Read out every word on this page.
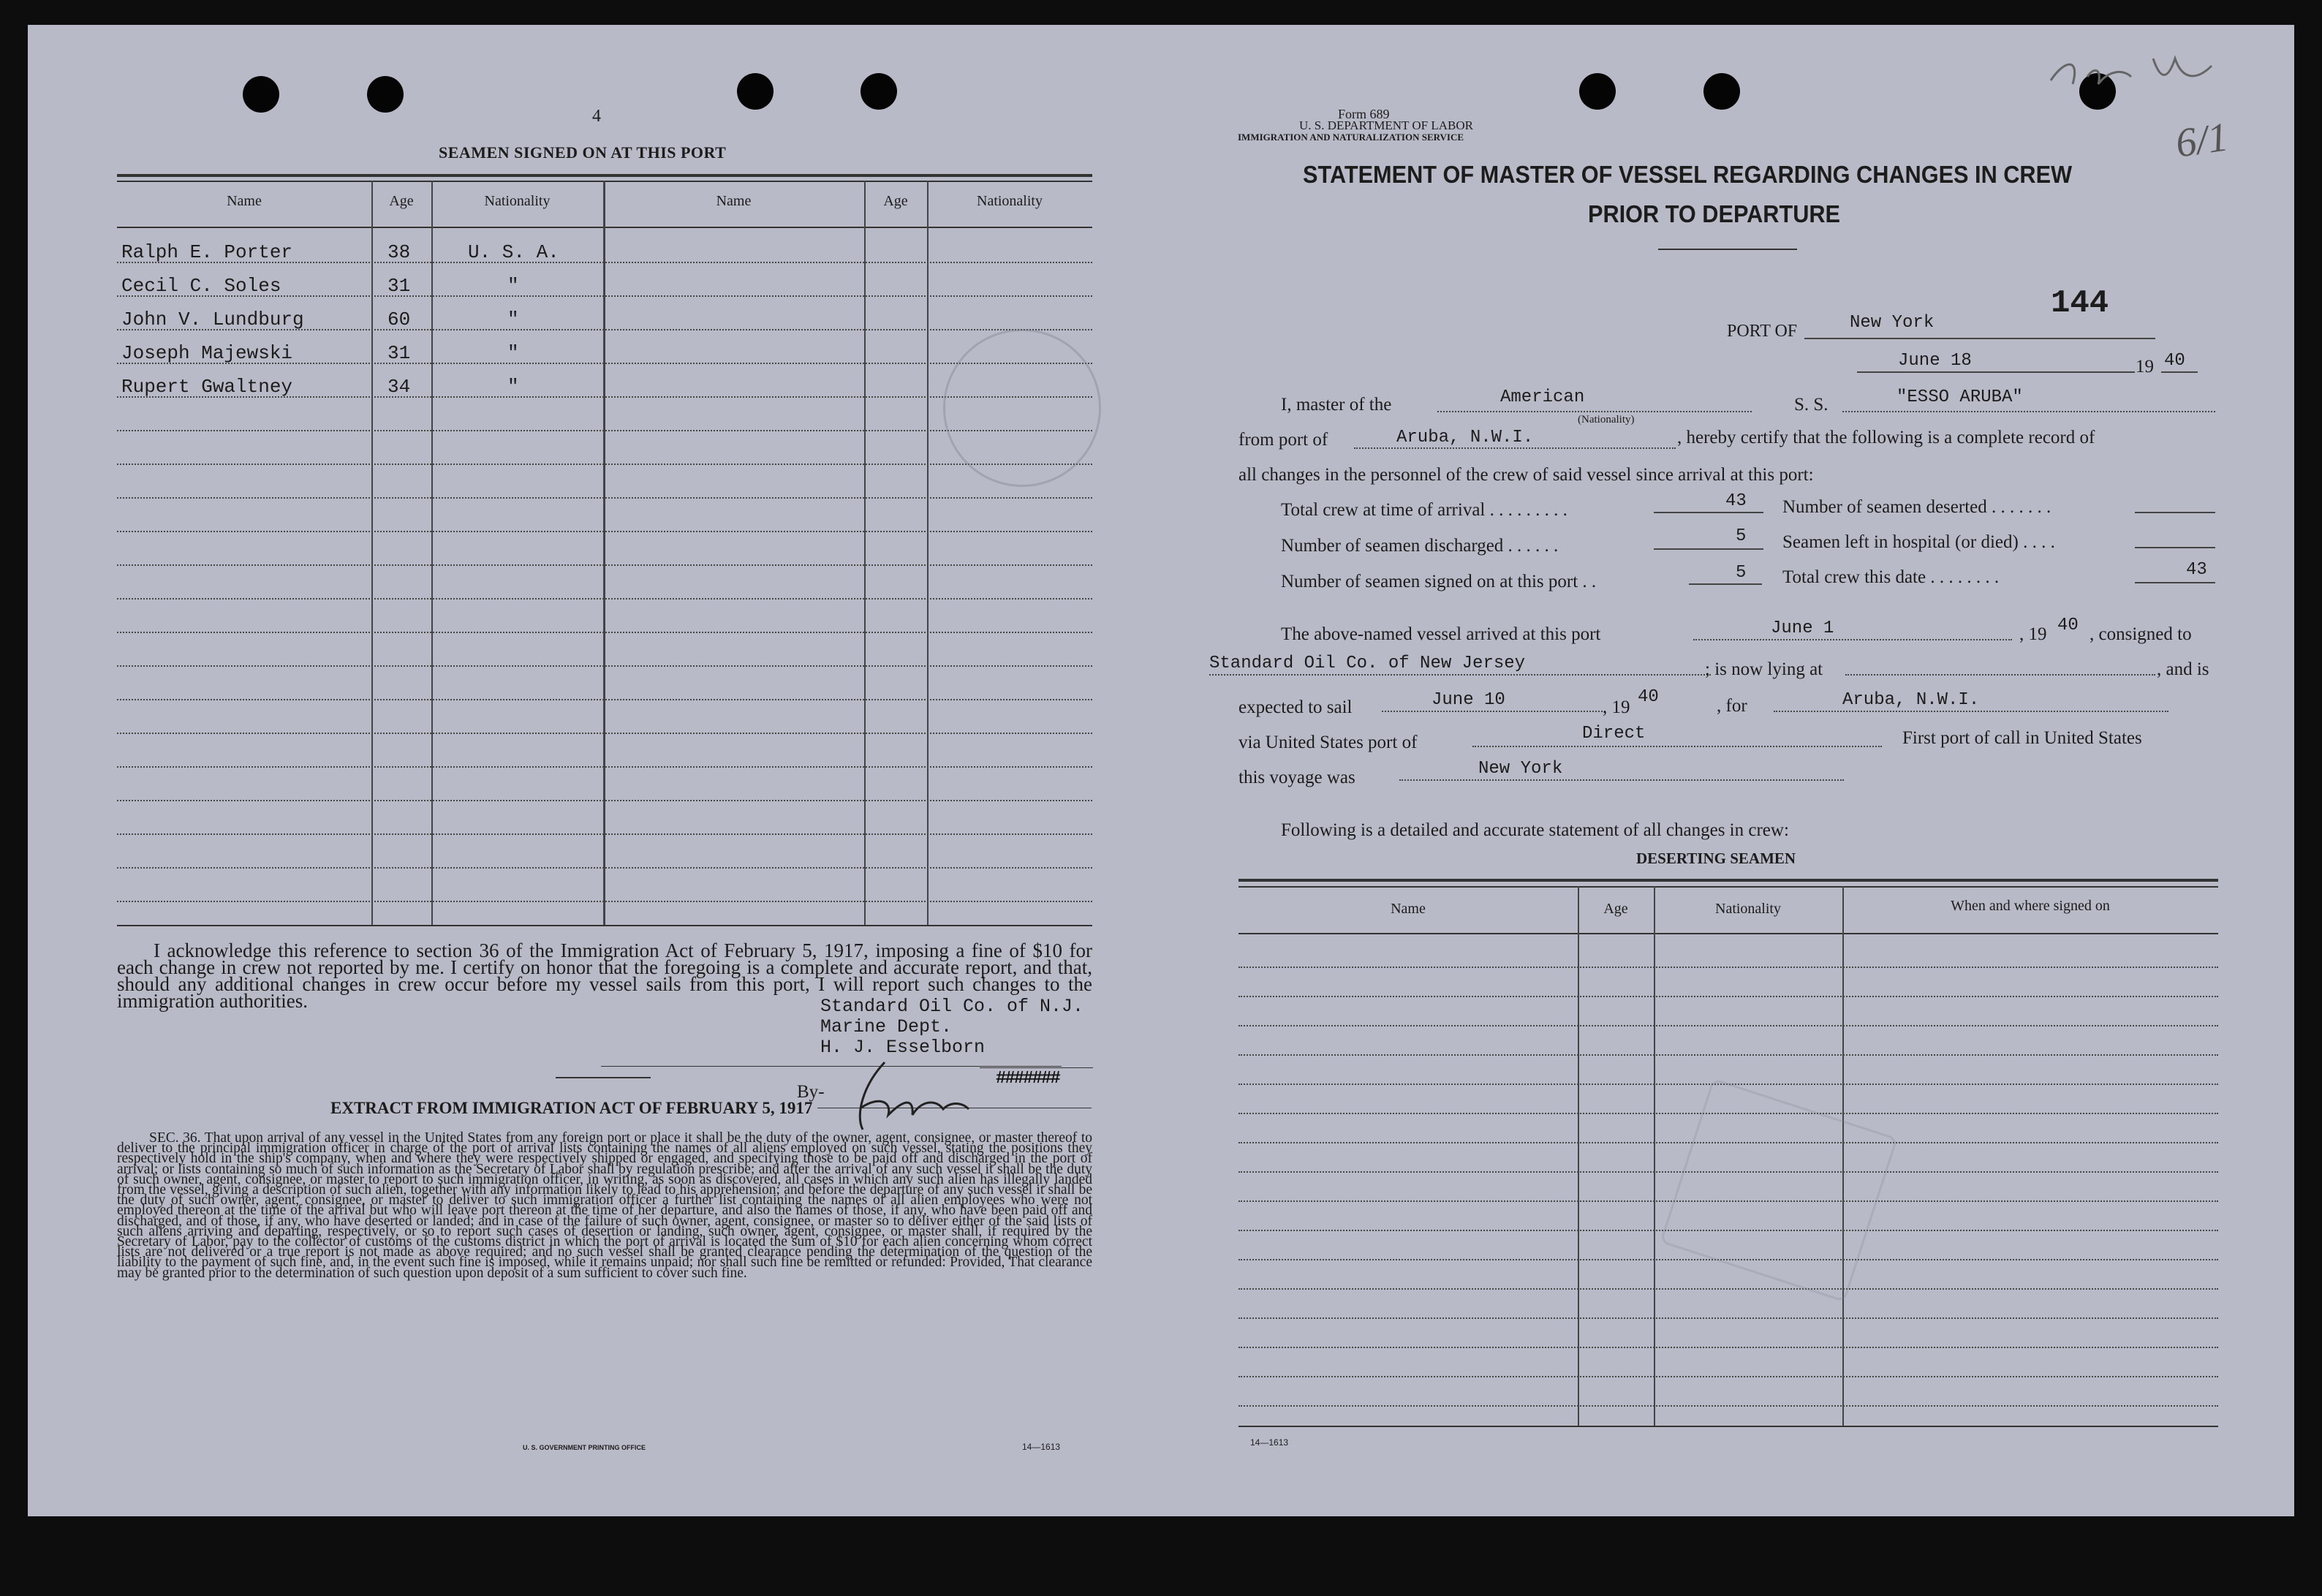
4
SEAMEN SIGNED ON AT THIS PORT
Name	Age	Nationality	Name	Age	Nationality
Ralph E. Porter	38	U. S. A.
Cecil C. Soles	31	"
John V. Lundburg	60	"
Joseph Majewski	31	"
Rupert Gwaltney	34	"
I acknowledge this reference to section 36 of the Immigration Act of February 5, 1917, imposing a fine of $10 for each change in crew not reported by me. I certify on honor that the foregoing is a complete and accurate report, and that, should any additional changes in crew occur before my vessel sails from this port, I will report such changes to the immigration authorities.	Standard Oil Co. of N.J.
Marine Dept.
H. J. Esselborn
By-
#######
EXTRACT FROM IMMIGRATION ACT OF FEBRUARY 5, 1917
SEC. 36. That upon arrival of any vessel in the United States from any foreign port or place it shall be the duty of the owner, agent, consignee, or master thereof to deliver to the principal immigration officer in charge of the port of arrival lists containing the names of all aliens employed on such vessel, stating the positions they respectively hold in the ship's company, when and where they were respectively shipped or engaged, and specifying those to be paid off and discharged in the port of arrival; or lists containing so much of such information as the Secretary of Labor shall by regulation prescribe; and after the arrival of any such vessel it shall be the duty of such owner, agent, consignee, or master to report to such immigration officer, in writing, as soon as discovered, all cases in which any such alien has illegally landed from the vessel, giving a description of such alien, together with any information likely to lead to his apprehension; and before the departure of any such vessel it shall be the duty of such owner, agent, consignee, or master to deliver to such immigration officer a further list containing the names of all alien employees who were not employed thereon at the time of the arrival but who will leave port thereon at the time of her departure, and also the names of those, if any, who have been paid off and discharged, and of those, if any, who have deserted or landed; and in case of the failure of such owner, agent, consignee, or master so to deliver either of the said lists of such aliens arriving and departing, respectively, or so to report such cases of desertion or landing, such owner, agent, consignee, or master shall, if required by the Secretary of Labor, pay to the collector of customs of the customs district in which the port of arrival is located the sum of $10 for each alien concerning whom correct lists are not delivered or a true report is not made as above required; and no such vessel shall be granted clearance pending the determination of the question of the liability to the payment of such fine, and, in the event such fine is imposed, while it remains unpaid; nor shall such fine be remitted or refunded: Provided, That clearance may be granted prior to the determination of such question upon deposit of a sum sufficient to cover such fine.
U. S. GOVERNMENT PRINTING OFFICE	14—1613
Form 689
U. S. DEPARTMENT OF LABOR
IMMIGRATION AND NATURALIZATION SERVICE
STATEMENT OF MASTER OF VESSEL REGARDING CHANGES IN CREW
PRIOR TO DEPARTURE
6/1
PORT OF	New York
144
June 18	19 40
I, master of the	American
(Nationality)
S. S.	"ESSO ARUBA"
from port of	Aruba, N.W.I.	, hereby certify that the following is a complete record of
all changes in the personnel of the crew of said vessel since arrival at this port:
Total crew at time of arrival . . . . . . . . .	43 Number of seamen deserted . . . . . . .
Number of seamen discharged . . . . . .	5 Seamen left in hospital (or died) . . . .
Number of seamen signed on at this port . .	5 Total crew this date . . . . . . . .	43
The above-named vessel arrived at this port	June 1	, 19 40 , consigned to
Standard Oil Co. of New Jersey	; is now lying at	, and is
expected to sail	June 10	, 19
40	, for	Aruba, N.W.I.
via United States port of	Direct	First port of call in United States
this voyage was	New York
Following is a detailed and accurate statement of all changes in crew:
DESERTING SEAMEN
Name	Age	Nationality	When and where signed on
14—1613
